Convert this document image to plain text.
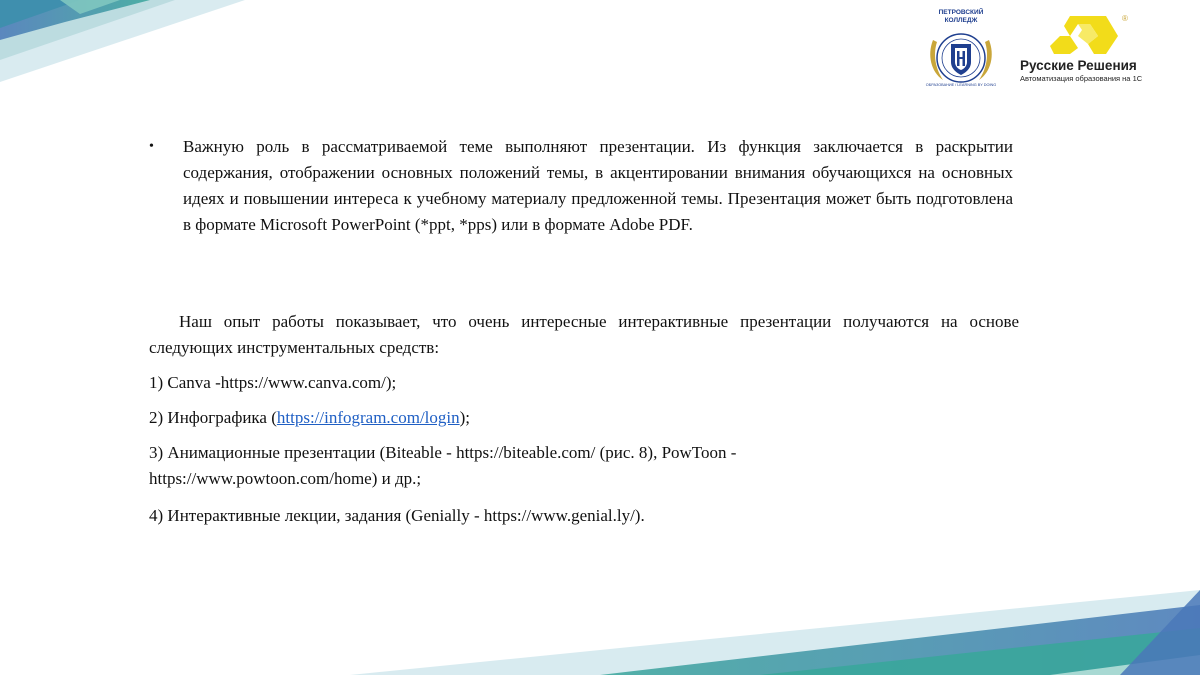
ПЕТРОВСКИЙ
КОЛЛЕДЖ
ОБРАЗОВАНИЕ / LEARNING BY DOING
®
Русские Решения
Автоматизация образования на 1С
• Важную роль в рассматриваемой теме выполняют презентации. Из функция заключается в раскрытии содержания, отображении основных положений темы, в акцентировании внимания обучающихся на основных идеях и повышении интереса к учебному материалу предложенной темы. Презентация может быть подготовлена в формате Microsoft PowerPoint (*ppt, *pps) или в формате Adobe PDF.
Наш опыт работы показывает, что очень интересные интерактивные презентации получаются на основе следующих инструментальных средств:
1) Canva -https://www.canva.com/);
2) Инфографика (https://infogram.com/login);
3) Анимационные презентации (Biteable - https://biteable.com/ (рис. 8), PowToon - https://www.powtoon.com/home) и др.;
4) Интерактивные лекции, задания (Genially - https://www.genial.ly/).
